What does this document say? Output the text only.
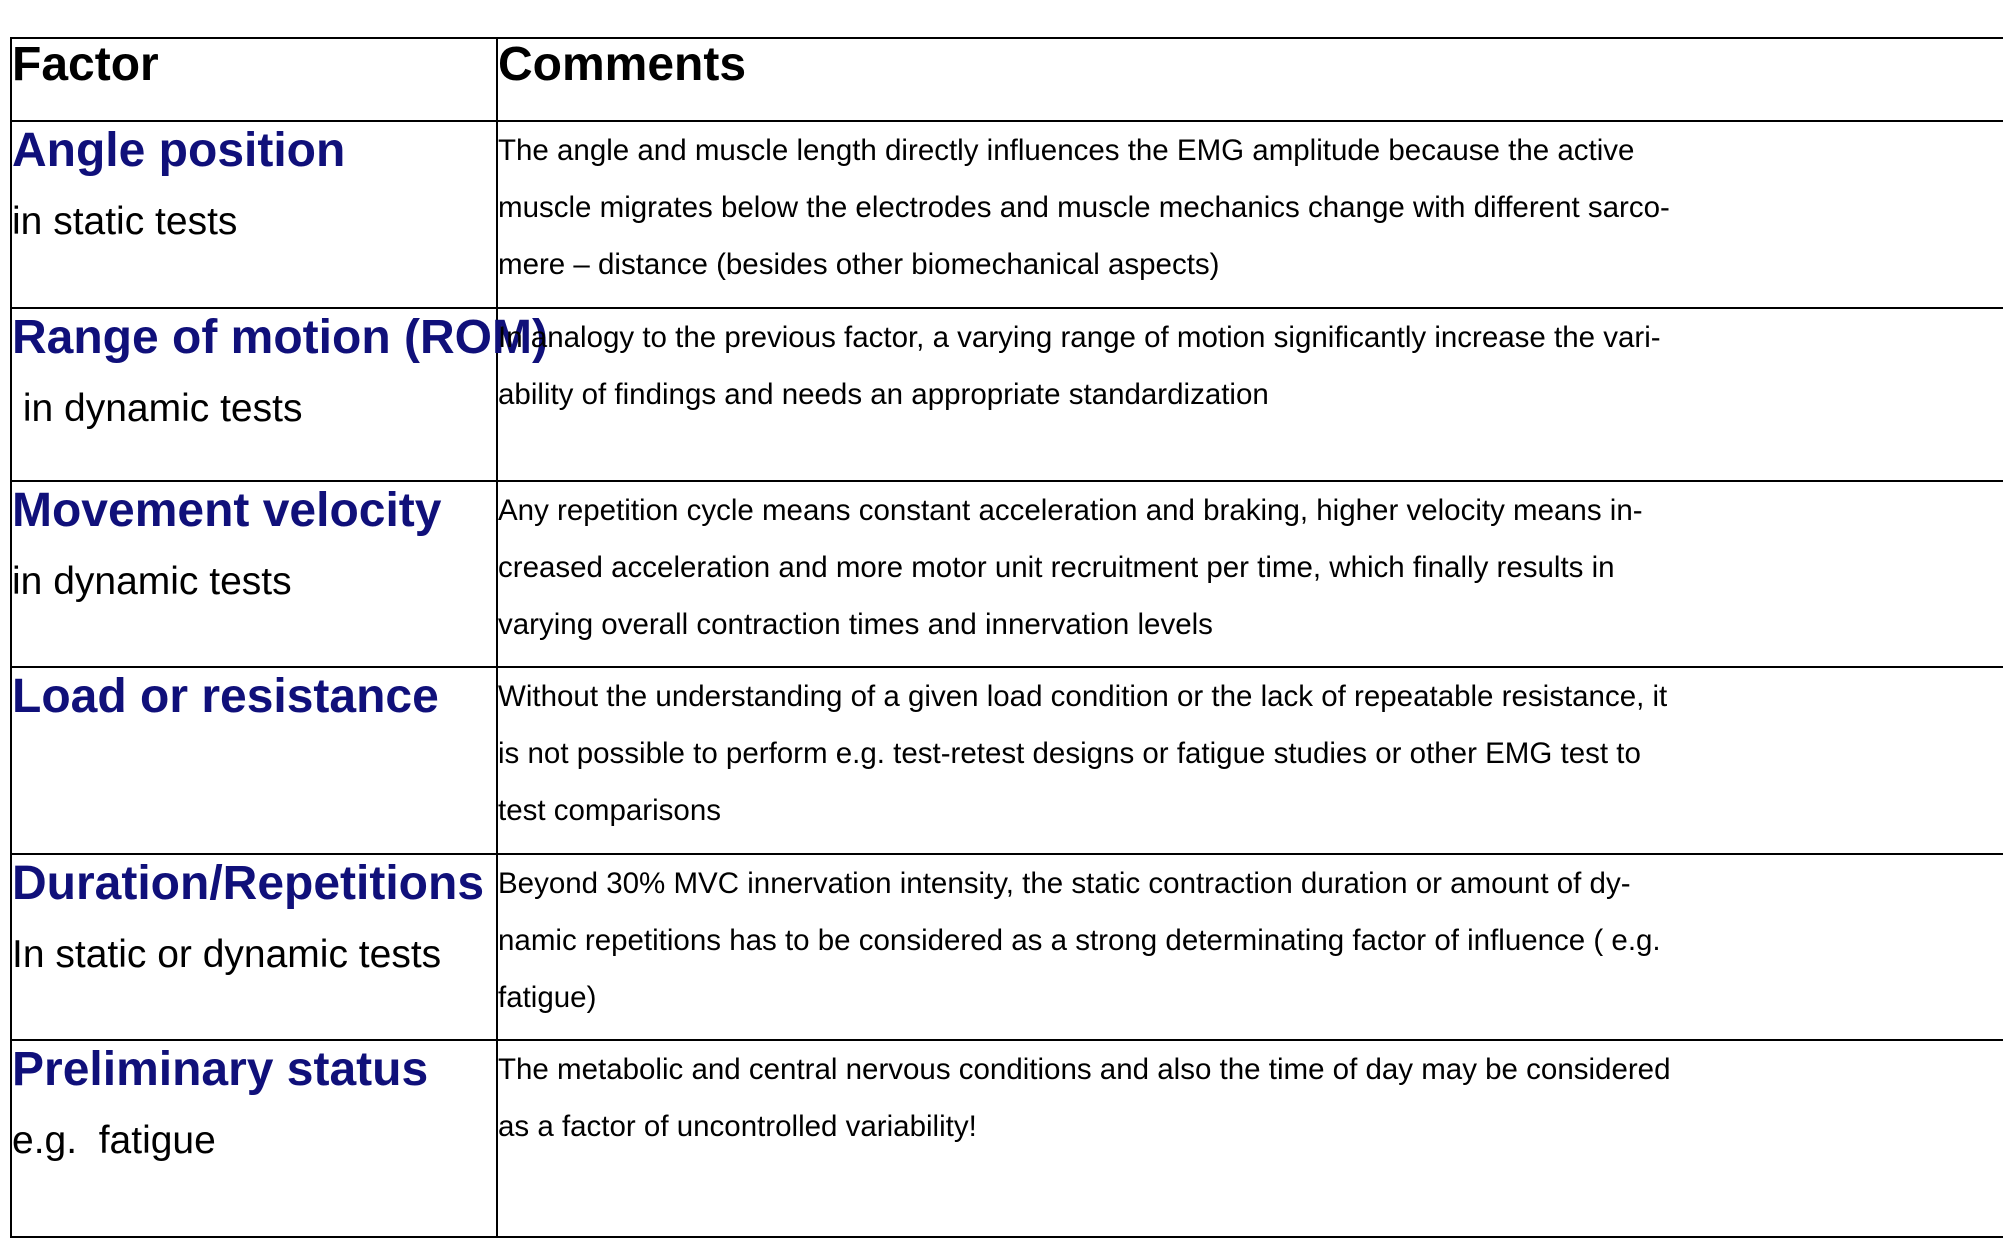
Factor	Comments

Angle position
in static tests	The angle and muscle length directly influences the EMG amplitude because the active
muscle migrates below the electrodes and muscle mechanics change with different sarco-
mere – distance (besides other biomechanical aspects)

Range of motion (ROM)
in dynamic tests	In analogy to the previous factor, a varying range of motion significantly increase the vari-
ability of findings and needs an appropriate standardization

Movement velocity
in dynamic tests	Any repetition cycle means constant acceleration and braking, higher velocity means in-
creased acceleration and more motor unit recruitment per time, which finally results in
varying overall contraction times and innervation levels

Load or resistance	Without the understanding of a given load condition or the lack of repeatable resistance, it
is not possible to perform e.g. test-retest designs or fatigue studies or other EMG test to
test comparisons

Duration/Repetitions
In static or dynamic tests	Beyond 30% MVC innervation intensity, the static contraction duration or amount of dy-
namic repetitions has to be considered as a strong determinating factor of influence ( e.g.
fatigue)

Preliminary status
e.g.  fatigue	The metabolic and central nervous conditions and also the time of day may be considered
as a factor of uncontrolled variability!
